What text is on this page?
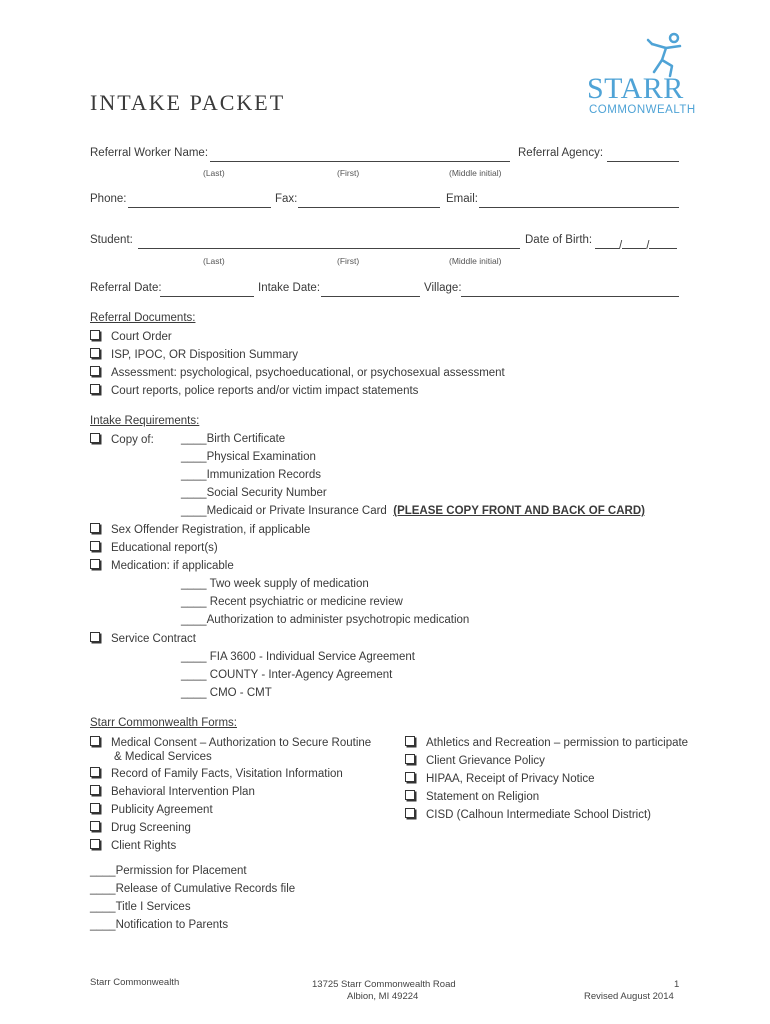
INTAKE PACKET	STARR
COMMONWEALTH
Referral Worker Name:	Referral Agency:
(Last)	(First)	(Middle initial)
Phone:	Fax:	Email:
Student:	Date of Birth:	/ /
(Last)	(First)	(Middle initial)
Referral Date:	Intake Date:	Village:
Referral Documents:
Court Order
ISP, IPOC, OR Disposition Summary
Assessment: psychological, psychoeducational, or psychosexual assessment
Court reports, police reports and/or victim impact statements
Intake Requirements:
Copy of: ____Birth Certificate
____Physical Examination
____Immunization Records
____Social Security Number
____Medicaid or Private Insurance Card (PLEASE COPY FRONT AND BACK OF CARD)
Sex Offender Registration, if applicable
Educational report(s)
Medication: if applicable
____ Two week supply of medication
____ Recent psychiatric or medicine review
____Authorization to administer psychotropic medication
Service Contract
____ FIA 3600 - Individual Service Agreement
____ COUNTY - Inter-Agency Agreement
____ CMO - CMT
Starr Commonwealth Forms:
Medical Consent – Authorization to Secure Routine
& Medical Services
Record of Family Facts, Visitation Information
Behavioral Intervention Plan
Publicity Agreement
Drug Screening
Client Rights
Athletics and Recreation – permission to participate
Client Grievance Policy
HIPAA, Receipt of Privacy Notice
Statement on Religion
CISD (Calhoun Intermediate School District)
____Permission for Placement
____Release of Cumulative Records file
____Title I Services
____Notification to Parents
Starr Commonwealth	13725 Starr Commonwealth Road
Albion, MI 49224
1
Revised August 2014
